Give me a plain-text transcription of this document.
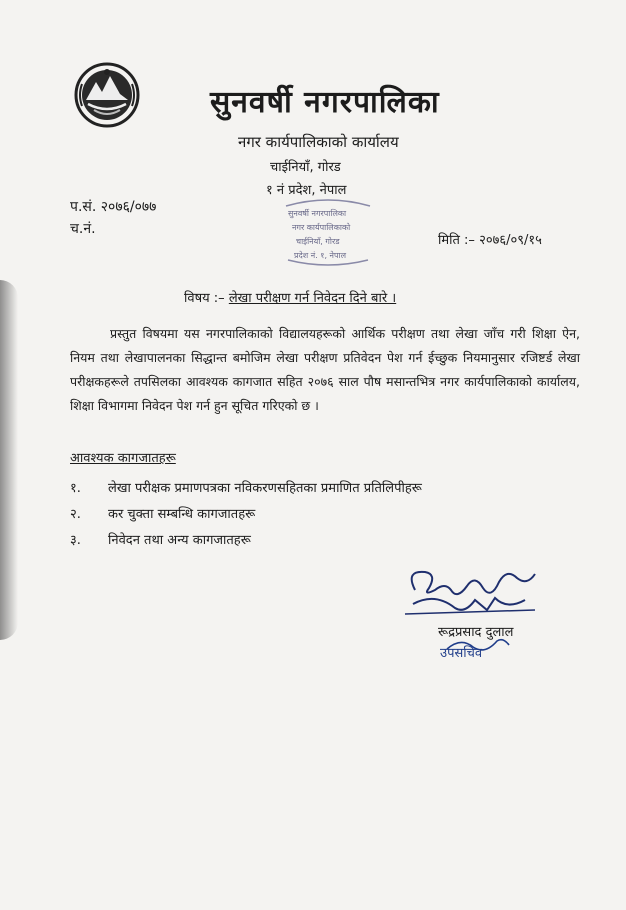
सुनवर्षी नगरपालिका
नगर कार्यपालिकाको कार्यालय
चाईनियाँ, गोरड
१ नं प्रदेश, नेपाल
प.सं. २०७६/०७७
च.नं.
सुनवर्षी नगरपालिका
नगर कार्यपालिकाको
चाईनियाँ, गोरड
प्रदेश नं. १, नेपाल
मिति :– २०७६/०९/१५
विषय :– लेखा परीक्षण गर्न निवेदन दिने बारे ।
प्रस्तुत विषयमा यस नगरपालिकाको विद्यालयहरूको आर्थिक परीक्षण तथा लेखा जाँच गरी शिक्षा ऐन, नियम तथा लेखापालनका सिद्धान्त बमोजिम लेखा परीक्षण प्रतिवेदन पेश गर्न ईच्छुक नियमानुसार रजिष्टर्ड लेखा परीक्षकहरूले तपसिलका आवश्यक कागजात सहित २०७६ साल पौष मसान्तभित्र नगर कार्यपालिकाको कार्यालय, शिक्षा विभागमा निवेदन पेश गर्न हुन सूचित गरिएको छ ।
आवश्यक कागजातहरू
१. लेखा परीक्षक प्रमाणपत्रका नविकरणसहितका प्रमाणित प्रतिलिपीहरू
२. कर चुक्ता सम्बन्धि कागजातहरू
३. निवेदन तथा अन्य कागजातहरू
रूद्रप्रसाद दुलाल
उपसचिव
